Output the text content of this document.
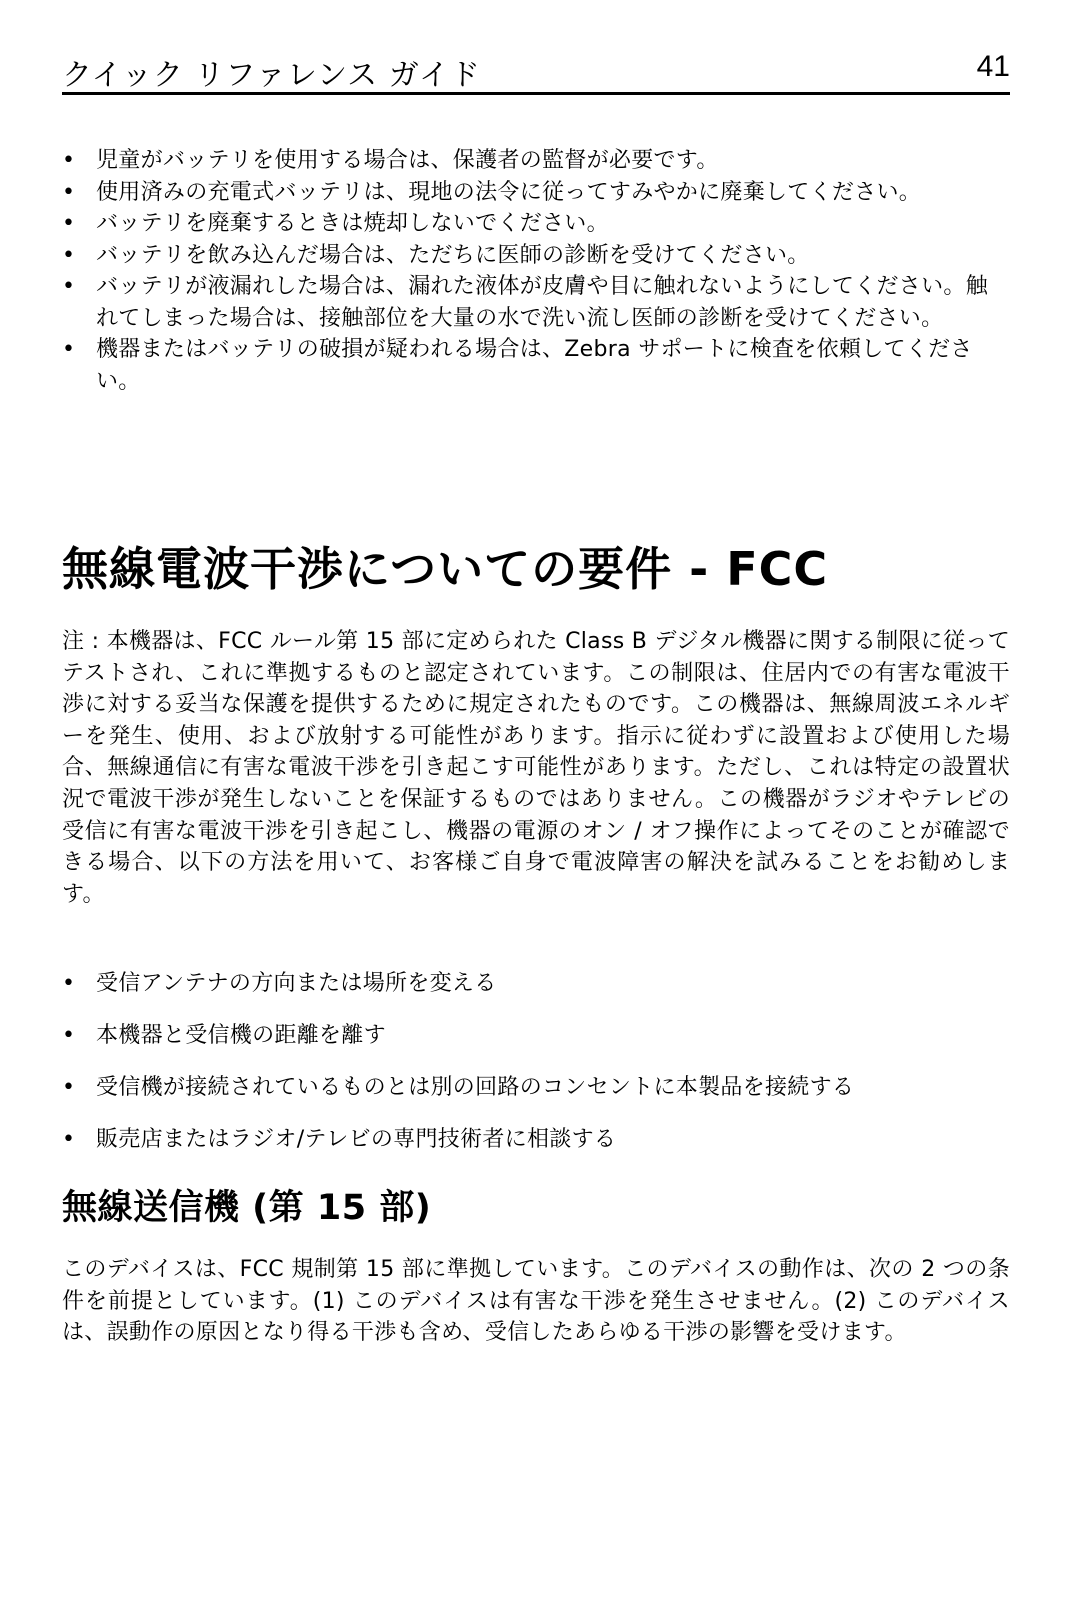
クイック リファレンス ガイド	41
• 児童がバッテリを使用する場合は、保護者の監督が必要です。
• 使用済みの充電式バッテリは、現地の法令に従ってすみやかに廃棄してください。
• バッテリを廃棄するときは焼却しないでください。
• バッテリを飲み込んだ場合は、ただちに医師の診断を受けてください。
• バッテリが液漏れした場合は、漏れた液体が皮膚や目に触れないようにしてください。触れてしまった場合は、接触部位を大量の水で洗い流し医師の診断を受けてください。
• 機器またはバッテリの破損が疑われる場合は、Zebra サポートに検査を依頼してください。
無線電波干渉についての要件 - FCC

注 : 本機器は、FCC ルール第 15 部に定められた Class B デジタル機器に関する制限に従ってテストされ、これに準拠するものと認定されています。この制限は、住居内での有害な電波干渉に対する妥当な保護を提供するために規定されたものです。この機器は、無線周波エネルギーを発生、使用、および放射する可能性があります。指示に従わずに設置および使用した場合、無線通信に有害な電波干渉を引き起こす可能性があります。ただし、これは特定の設置状況で電波干渉が発生しないことを保証するものではありません。この機器がラジオやテレビの受信に有害な電波干渉を引き起こし、機器の電源のオン / オフ操作によってそのことが確認できる場合、以下の方法を用いて、お客様ご自身で電波障害の解決を試みることをお勧めします。

• 受信アンテナの方向または場所を変える
• 本機器と受信機の距離を離す
• 受信機が接続されているものとは別の回路のコンセントに本製品を接続する
• 販売店またはラジオ/テレビの専門技術者に相談する
無線送信機 (第 15 部)

このデバイスは、FCC 規制第 15 部に準拠しています。このデバイスの動作は、次の 2 つの条件を前提としています。(1) このデバイスは有害な干渉を発生させません。(2) このデバイスは、誤動作の原因となり得る干渉も含め、受信したあらゆる干渉の影響を受けます。
